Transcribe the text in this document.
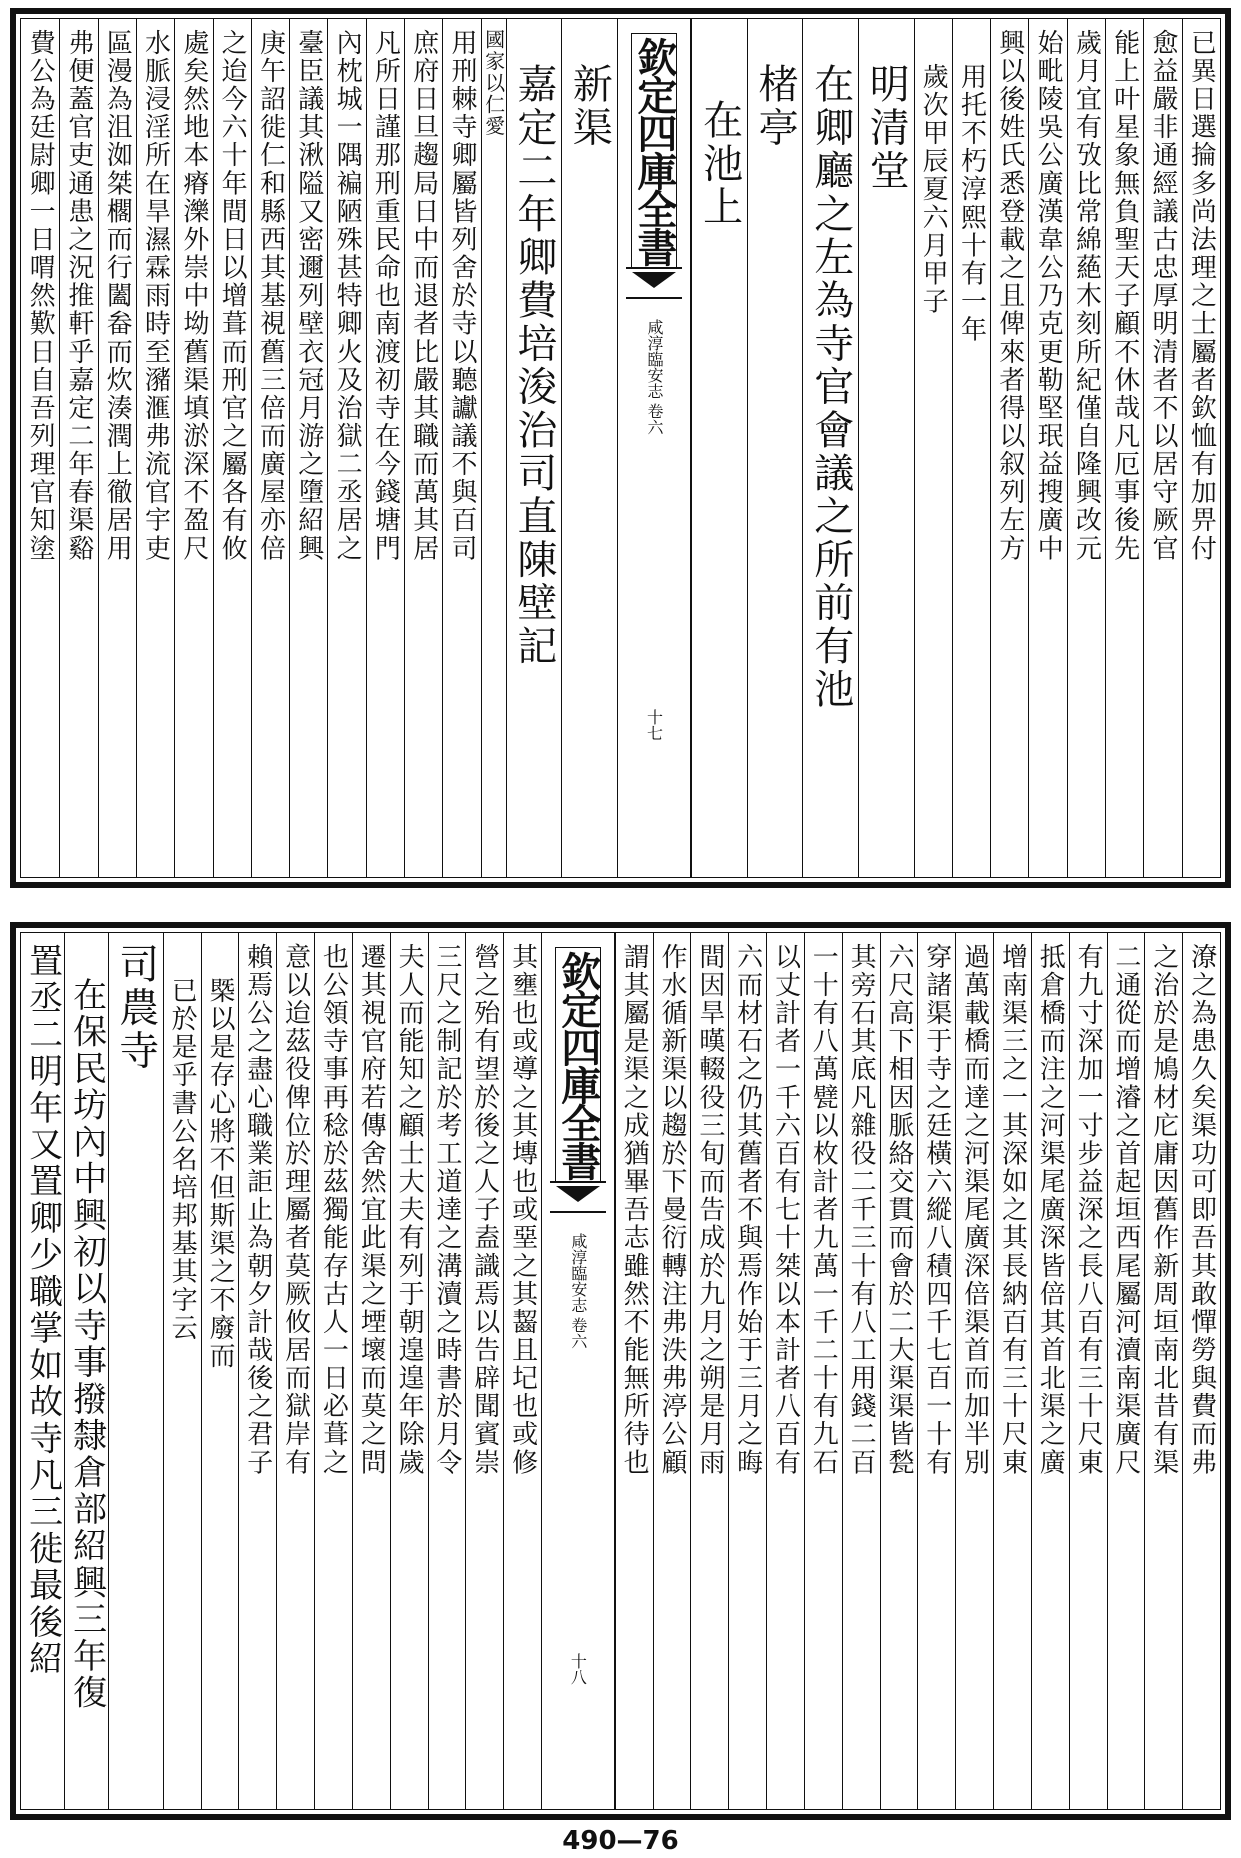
已異日選掄多尚法理之士屬者欽恤有加畀付
愈益嚴非通經議古忠厚明清者不以居守厥官
能上叶星象無負聖天子顧不休哉凡厄事後先
歲月宜有攷比常綿蕝木刻所紀僅自隆興改元
始毗陵吳公廣漢韋公乃克更勒堅珉益搜廣中
興以後姓氏悉登載之且俾來者得以叙列左方
用托不朽淳熙十有一年
歲次甲辰夏六月甲子
明清堂
在卿廳之左為寺官會議之所前有池
楮亭
在池上
欽定四庫全書
咸淳臨安志
卷六
十七
新渠
嘉定二年卿費培浚治司直陳壁記
國家以仁愛
用刑棘寺卿屬皆列舍於寺以聽讞議不與百司
庶府日旦趨局日中而退者比嚴其職而萬其居
凡所日謹那刑重民命也南渡初寺在今錢塘門
內枕城一隅褊陋殊甚特卿火及治獄二丞居之
臺臣議其湫隘又密邇列壁衣冠月游之墮紹興
庚午詔徙仁和縣西其基視舊三倍而廣屋亦倍
之迨今六十年間日以增葺而刑官之屬各有攸
處矣然地本瘠濼外崇中坳舊渠填淤深不盈尺
水脈浸淫所在旱濕霖雨時至瀦滙弗流官宇吏
區漫為沮洳桀櫊而行闔畚而炊湊潤上徹居用
弗便蓋官吏通患之況推軒乎嘉定二年春渠谿
費公為廷尉卿一日喟然歎日自吾列理官知塗
潦之為患久矣渠功可即吾其敢憚勞與費而弗
之治於是鳩材庀庸因舊作新周垣南北昔有渠
二通從而增濬之首起垣西尾屬河瀆南渠廣尺
有九寸深加一寸步益深之長八百有三十尺東
抵倉橋而注之河渠尾廣深皆倍其首北渠之廣
增南渠三之一其深如之其長納百有三十尺東
過萬載橋而達之河渠尾廣深倍渠首而加半別
穿諸渠于寺之廷橫六縱八積四千七百一十有
六尺高下相因脈絡交貫而會於二大渠渠皆甃
其旁石其底凡雜役二千三十有八工用錢二百
一十有八萬甓以枚計者九萬一千二十有九石
以丈計者一千六百有七十桀以本計者八百有
六而材石之仍其舊者不與焉作始于三月之晦
間因旱暵輟役三旬而告成於九月之朔是月雨
作水循新渠以趨於下曼衍轉注弗泆弗渟公顧
謂其屬是渠之成猶畢吾志雖然不能無所待也
欽定四庫全書
咸淳臨安志
卷六
十八
其壅也或導之其塼也或堊之其齧且圮也或修
營之殆有望於後之人子盍識焉以告辟聞賓崇
三尺之制記於考工道達之溝瀆之時書於月令
夫人而能知之顧士大夫有列于朝遑遑年除歲
遷其視官府若傳舍然宜此渠之堙壞而莫之問
也公領寺事再稔於茲獨能存古人一日必葺之
意以迨茲役俾位於理屬者莫厥攸居而獄岸有
賴焉公之盡心職業詎止為朝夕計哉後之君子
槩以是存心將不但斯渠之不廢而
已於是乎書公名培邦基其字云
司農寺
在保民坊內中興初以寺事撥隸倉部紹興三年復
置丞二明年又置卿少職掌如故寺凡三徙最後紹
490—76
